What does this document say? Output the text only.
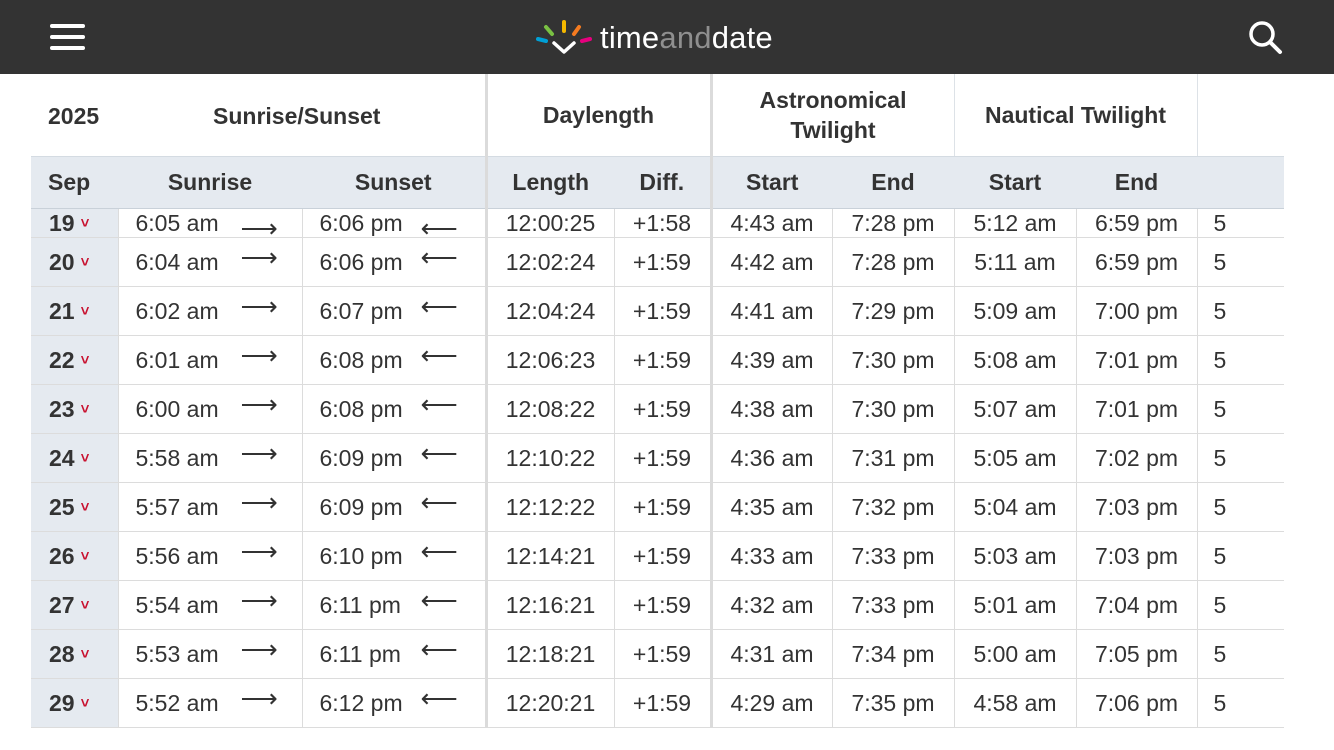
timeanddate
2025 Sunrise/Sunset			Daylength		Astronomical Twilight		Nautical Twilight		
Sep	Sunrise	Sunset	Length	Diff.	Start	End	Start	End	
19 ˅	6:05 am ⟶	6:06 pm ⟵	12:00:25	+1:58	4:43 am	7:28 pm	5:12 am	6:59 pm	5
20 ˅	6:04 am ⟶	6:06 pm ⟵	12:02:24	+1:59	4:42 am	7:28 pm	5:11 am	6:59 pm	5
21 ˅	6:02 am ⟶	6:07 pm ⟵	12:04:24	+1:59	4:41 am	7:29 pm	5:09 am	7:00 pm	5
22 ˅	6:01 am ⟶	6:08 pm ⟵	12:06:23	+1:59	4:39 am	7:30 pm	5:08 am	7:01 pm	5
23 ˅	6:00 am ⟶	6:08 pm ⟵	12:08:22	+1:59	4:38 am	7:30 pm	5:07 am	7:01 pm	5
24 ˅	5:58 am ⟶	6:09 pm ⟵	12:10:22	+1:59	4:36 am	7:31 pm	5:05 am	7:02 pm	5
25 ˅	5:57 am ⟶	6:09 pm ⟵	12:12:22	+1:59	4:35 am	7:32 pm	5:04 am	7:03 pm	5
26 ˅	5:56 am ⟶	6:10 pm ⟵	12:14:21	+1:59	4:33 am	7:33 pm	5:03 am	7:03 pm	5
27 ˅	5:54 am ⟶	6:11 pm ⟵	12:16:21	+1:59	4:32 am	7:33 pm	5:01 am	7:04 pm	5
28 ˅	5:53 am ⟶	6:11 pm ⟵	12:18:21	+1:59	4:31 am	7:34 pm	5:00 am	7:05 pm	5
29 ˅	5:52 am ⟶	6:12 pm ⟵	12:20:21	+1:59	4:29 am	7:35 pm	4:58 am	7:06 pm	5
